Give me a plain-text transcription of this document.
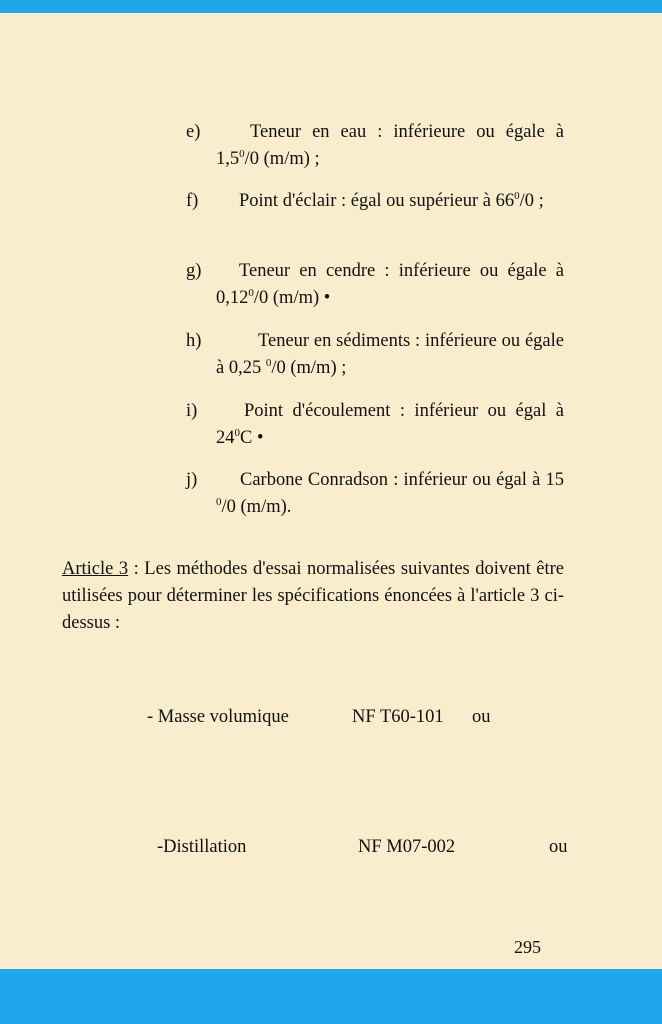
e)	Teneur en eau : inférieure ou égale à $1,5^0/0$ (m/m) ;
f)	Point d'éclair : égal ou supérieur à $66^0/0$ ;
g)	Teneur en cendre : inférieure ou égale à 0,12$^0$/0 (m/m) •
h)	Teneur en sédiments : inférieure ou égale à 0,25 $^0$/0 (m/m) ;
i)	Point d'écoulement : inférieur ou égal à $24^0C$ •
j)	Carbone Conradson : inférieur ou égal à 15 $^0$/0 (m/m).
Article 3 : Les méthodes d'essai normalisées suivantes doivent être utilisées pour déterminer les spécifications énoncées à l'article 3 ci-dessus :
- Masse volumique	NF T60-101 ou
-Distillation	NF M07-002	ou
295
